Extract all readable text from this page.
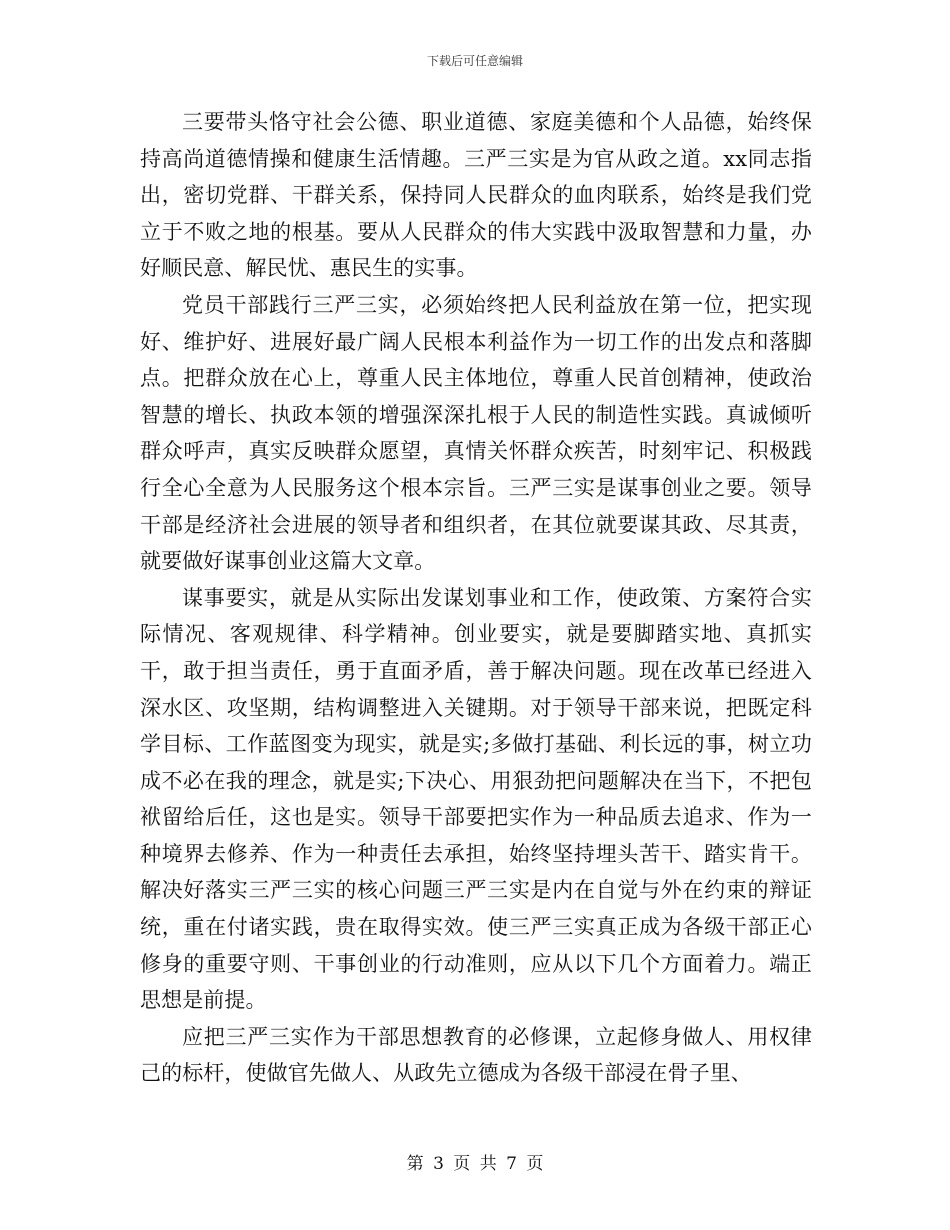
下载后可任意编辑

三要带头恪守社会公德、职业道德、家庭美德和个人品德，始终保持高尚道德情操和健康生活情趣。三严三实是为官从政之道。xx同志指出，密切党群、干群关系，保持同人民群众的血肉联系，始终是我们党立于不败之地的根基。要从人民群众的伟大实践中汲取智慧和力量，办好顺民意、解民忧、惠民生的实事。

党员干部践行三严三实，必须始终把人民利益放在第一位，把实现好、维护好、进展好最广阔人民根本利益作为一切工作的出发点和落脚点。把群众放在心上，尊重人民主体地位，尊重人民首创精神，使政治智慧的增长、执政本领的增强深深扎根于人民的制造性实践。真诚倾听群众呼声，真实反映群众愿望，真情关怀群众疾苦，时刻牢记、积极践行全心全意为人民服务这个根本宗旨。三严三实是谋事创业之要。领导干部是经济社会进展的领导者和组织者，在其位就要谋其政、尽其责，就要做好谋事创业这篇大文章。

谋事要实，就是从实际出发谋划事业和工作，使政策、方案符合实际情况、客观规律、科学精神。创业要实，就是要脚踏实地、真抓实干，敢于担当责任，勇于直面矛盾，善于解决问题。现在改革已经进入深水区、攻坚期，结构调整进入关键期。对于领导干部来说，把既定科学目标、工作蓝图变为现实，就是实;多做打基础、利长远的事，树立功成不必在我的理念，就是实;下决心、用狠劲把问题解决在当下，不把包袱留给后任，这也是实。领导干部要把实作为一种品质去追求、作为一种境界去修养、作为一种责任去承担，始终坚持埋头苦干、踏实肯干。解决好落实三严三实的核心问题三严三实是内在自觉与外在约束的辩证统，重在付诸实践，贵在取得实效。使三严三实真正成为各级干部正心修身的重要守则、干事创业的行动准则，应从以下几个方面着力。端正思想是前提。

应把三严三实作为干部思想教育的必修课，立起修身做人、用权律己的标杆，使做官先做人、从政先立德成为各级干部浸在骨子里、

第 3 页 共 7 页
